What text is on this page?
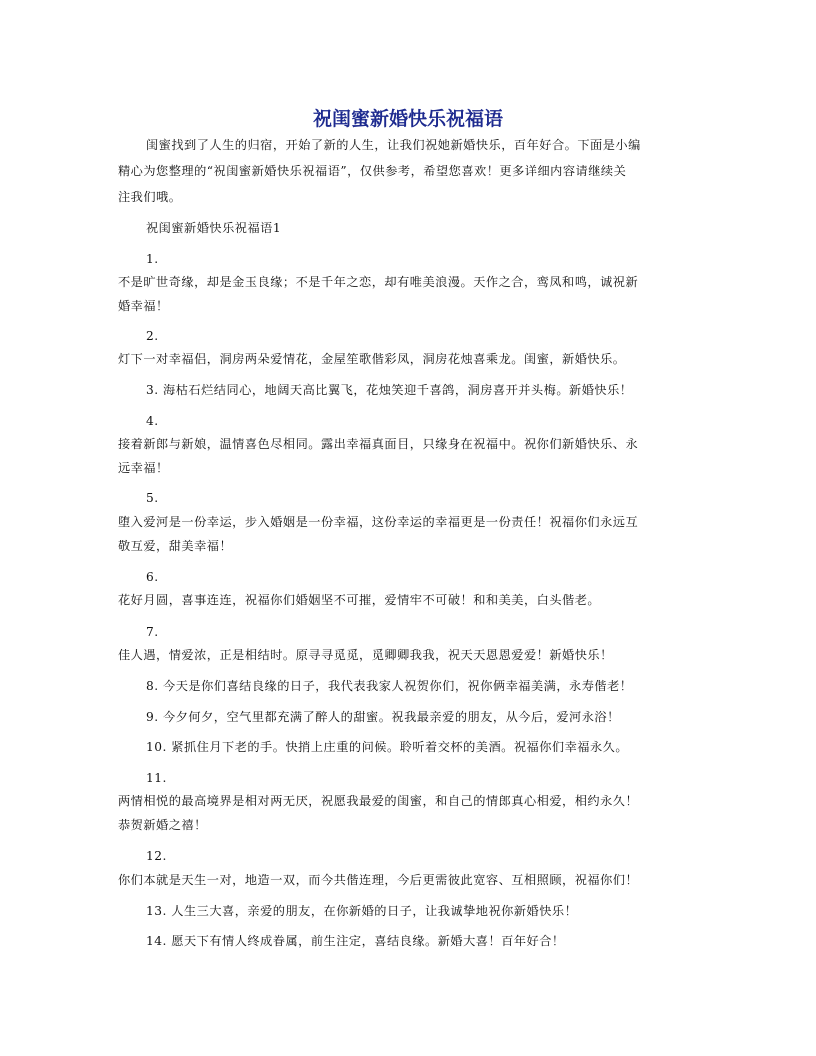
祝闺蜜新婚快乐祝福语
闺蜜找到了人生的归宿，开始了新的人生，让我们祝她新婚快乐，百年好合。下面是小编
精心为您整理的“祝闺蜜新婚快乐祝福语”，仅供参考，希望您喜欢！更多详细内容请继续关
注我们哦。
祝闺蜜新婚快乐祝福语1
1.
不是旷世奇缘，却是金玉良缘；不是千年之恋，却有唯美浪漫。天作之合，鸾凤和鸣，诚祝新
婚幸福！
2.
灯下一对幸福侣，洞房两朵爱情花，金屋笙歌偕彩凤，洞房花烛喜乘龙。闺蜜，新婚快乐。
3. 海枯石烂结同心，地阔天高比翼飞，花烛笑迎千喜鸽，洞房喜开并头梅。新婚快乐！
4.
接着新郎与新娘，温情喜色尽相同。露出幸福真面目，只缘身在祝福中。祝你们新婚快乐、永
远幸福！
5.
堕入爱河是一份幸运，步入婚姻是一份幸福，这份幸运的幸福更是一份责任！祝福你们永远互
敬互爱，甜美幸福！
6.
花好月圆，喜事连连，祝福你们婚姻坚不可摧，爱情牢不可破！和和美美，白头偕老。
7.
佳人遇，情爱浓，正是相结时。原寻寻觅觅，觅卿卿我我，祝天天恩恩爱爱！新婚快乐！
8. 今天是你们喜结良缘的日子，我代表我家人祝贺你们，祝你俩幸福美满，永寿偕老！
9. 今夕何夕，空气里都充满了醉人的甜蜜。祝我最亲爱的朋友，从今后，爱河永浴！
10. 紧抓住月下老的手。快捎上庄重的问候。聆听着交杯的美酒。祝福你们幸福永久。
11.
两情相悦的最高境界是相对两无厌，祝愿我最爱的闺蜜，和自己的情郎真心相爱，相约永久！
恭贺新婚之禧！
12.
你们本就是天生一对，地造一双，而今共偕连理，今后更需彼此宽容、互相照顾，祝福你们！
13. 人生三大喜，亲爱的朋友，在你新婚的日子，让我诚挚地祝你新婚快乐！
14. 愿天下有情人终成眷属，前生注定，喜结良缘。新婚大喜！百年好合！
